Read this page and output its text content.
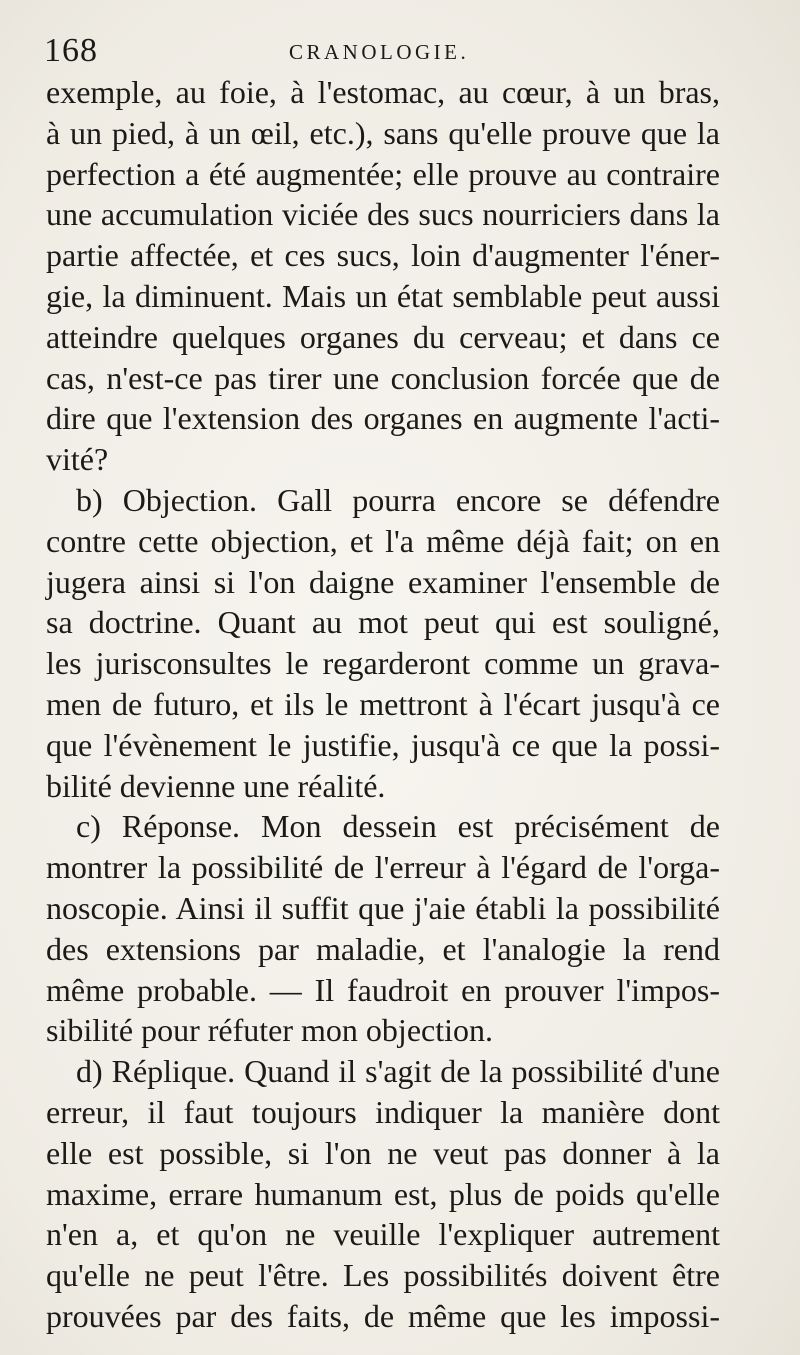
168	CRANOLOGIE.
exemple, au foie, à l'estomac, au cœur, à un bras,
à un pied, à un œil, etc.), sans qu'elle prouve que la
perfection a été augmentée; elle prouve au contraire
une accumulation viciée des sucs nourriciers dans la
partie affectée, et ces sucs, loin d'augmenter l'éner-
gie, la diminuent. Mais un état semblable peut aussi
atteindre quelques organes du cerveau; et dans ce
cas, n'est-ce pas tirer une conclusion forcée que de
dire que l'extension des organes en augmente l'acti-
vité?
b) Objection. Gall pourra encore se défendre
contre cette objection, et l'a même déjà fait; on en
jugera ainsi si l'on daigne examiner l'ensemble de
sa doctrine. Quant au mot peut qui est souligné,
les jurisconsultes le regarderont comme un grava-
men de futuro, et ils le mettront à l'écart jusqu'à ce
que l'évènement le justifie, jusqu'à ce que la possi-
bilité devienne une réalité.
c) Réponse. Mon dessein est précisément de
montrer la possibilité de l'erreur à l'égard de l'orga-
noscopie. Ainsi il suffit que j'aie établi la possibilité
des extensions par maladie, et l'analogie la rend
même probable. — Il faudroit en prouver l'impos-
sibilité pour réfuter mon objection.
d) Réplique. Quand il s'agit de la possibilité d'une
erreur, il faut toujours indiquer la manière dont
elle est possible, si l'on ne veut pas donner à la
maxime, errare humanum est, plus de poids qu'elle
n'en a, et qu'on ne veuille l'expliquer autrement
qu'elle ne peut l'être. Les possibilités doivent être
prouvées par des faits, de même que les impossi-
